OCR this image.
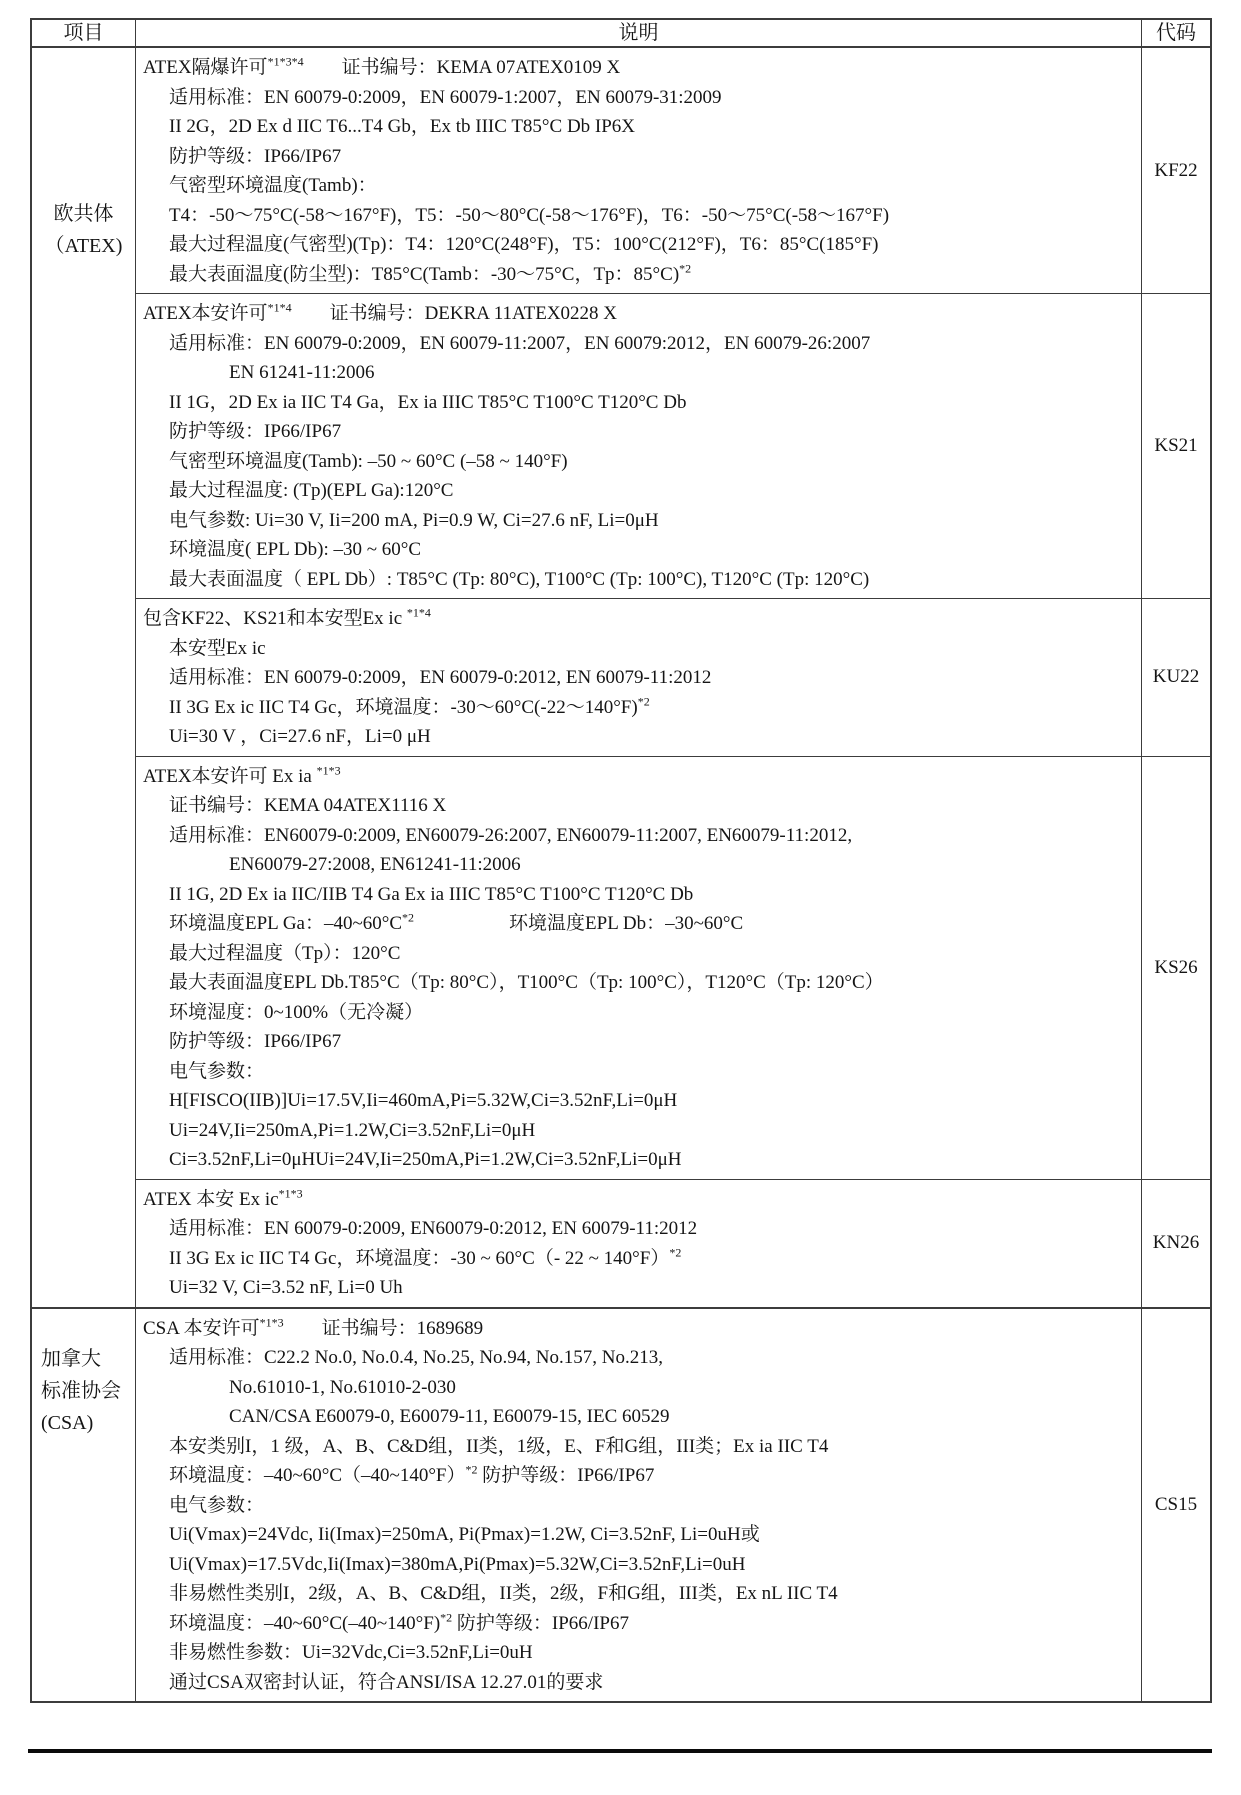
项目	说明	代码
欧共体
（ATEX)
ATEX隔爆许可$^{*1*3*4}$　　证书编号：KEMA 07ATEX0109 X
适用标准：EN 60079-0:2009，EN 60079-1:2007，EN 60079-31:2009
II 2G，2D Ex d IIC T6...T4 Gb，Ex tb IIIC T85°C Db IP6X
防护等级：IP66/IP67
气密型环境温度(Tamb)：
T4：-50～75°C(-58～167°F)，T5：-50～80°C(-58～176°F)，T6：-50～75°C(-58～167°F)
最大过程温度(气密型)(Tp)：T4：120°C(248°F)，T5：100°C(212°F)，T6：85°C(185°F)
最大表面温度(防尘型)：T85°C(Tamb：-30～75°C，Tp：85°C)$^{*2}$
KF22
ATEX本安许可$^{*1*4}$　　证书编号：DEKRA 11ATEX0228 X
适用标准：EN 60079-0:2009，EN 60079-11:2007，EN 60079:2012，EN 60079-26:2007
EN 61241-11:2006
II 1G，2D Ex ia IIC T4 Ga，Ex ia IIIC T85°C T100°C T120°C Db
防护等级：IP66/IP67
气密型环境温度(Tamb): –50 ~ 60°C (–58 ~ 140°F)
最大过程温度: (Tp)(EPL Ga):120°C
电气参数: Ui=30 V, Ii=200 mA, Pi=0.9 W, Ci=27.6 nF, Li=0μH
环境温度( EPL Db): –30 ~ 60°C
最大表面温度（ EPL Db）: T85°C (Tp: 80°C), T100°C (Tp: 100°C), T120°C (Tp: 120°C)
KS21
包含KF22、KS21和本安型Ex ic $^{*1*4}$
本安型Ex ic
适用标准：EN 60079-0:2009，EN 60079-0:2012, EN 60079-11:2012
II 3G Ex ic IIC T4 Gc，环境温度：-30～60°C(-22～140°F)$^{*2}$
Ui=30 V ，Ci=27.6 nF，Li=0 μH
KU22
ATEX本安许可 Ex ia $^{*1*3}$
证书编号：KEMA 04ATEX1116 X
适用标准：EN60079-0:2009, EN60079-26:2007, EN60079-11:2007, EN60079-11:2012,
EN60079-27:2008, EN61241-11:2006
II 1G, 2D Ex ia IIC/IIB T4 Ga Ex ia IIIC T85°C T100°C T120°C Db
环境温度EPL Ga：$-40\sim 60^\circ C^{*2}$　　　　　环境温度EPL Db：–30~60°C
最大过程温度（Tp）：120°C
最大表面温度EPL Db.T85°C（Tp: 80°C），T100°C（Tp: 100°C），T120°C（Tp: 120°C）
环境湿度：0~100%（无冷凝）
防护等级：IP66/IP67
电气参数：
H[FISCO(IIB)]Ui=17.5V,Ii=460mA,Pi=5.32W,Ci=3.52nF,Li=0μH
Ui=24V,Ii=250mA,Pi=1.2W,Ci=3.52nF,Li=0μH
Ci=3.52nF,Li=0μHUi=24V,Ii=250mA,Pi=1.2W,Ci=3.52nF,Li=0μH
KS26
ATEX 本安 Ex $ic^{*1*3}$
适用标准：EN 60079-0:2009, EN60079-0:2012, EN 60079-11:2012
II 3G Ex ic IIC T4 Gc，环境温度：-30 ~ 60°C（- 22 ~ 140°F）$^{*2}$
Ui=32 V, Ci=3.52 nF, Li=0 Uh
KN26
加拿大
标准协会
(CSA)
CSA 本安许可$^{*1*3}$　　证书编号：1689689
适用标准：C22.2 No.0, No.0.4, No.25, No.94, No.157, No.213,
No.61010-1, No.61010-2-030
CAN/CSA E60079-0, E60079-11, E60079-15, IEC 60529
本安类别I，1 级，A、B、C&D组，II类，1级，E、F和G组，III类；Ex ia IIC T4
环境温度：–40~60°C（–40~140°F）$^{*2}$ 防护等级：IP66/IP67
电气参数：
Ui(Vmax)=24Vdc, Ii(Imax)=250mA, Pi(Pmax)=1.2W, Ci=3.52nF, Li=0uH或
Ui(Vmax)=17.5Vdc,Ii(Imax)=380mA,Pi(Pmax)=5.32W,Ci=3.52nF,Li=0uH
非易燃性类别I，2级，A、B、C&D组，II类，2级，F和G组，III类，Ex nL IIC T4
环境温度：–40~60°C(–40~140°F)$^{*2}$ 防护等级：IP66/IP67
非易燃性参数：Ui=32Vdc,Ci=3.52nF,Li=0uH
通过CSA双密封认证，符合ANSI/ISA 12.27.01的要求
CS15
